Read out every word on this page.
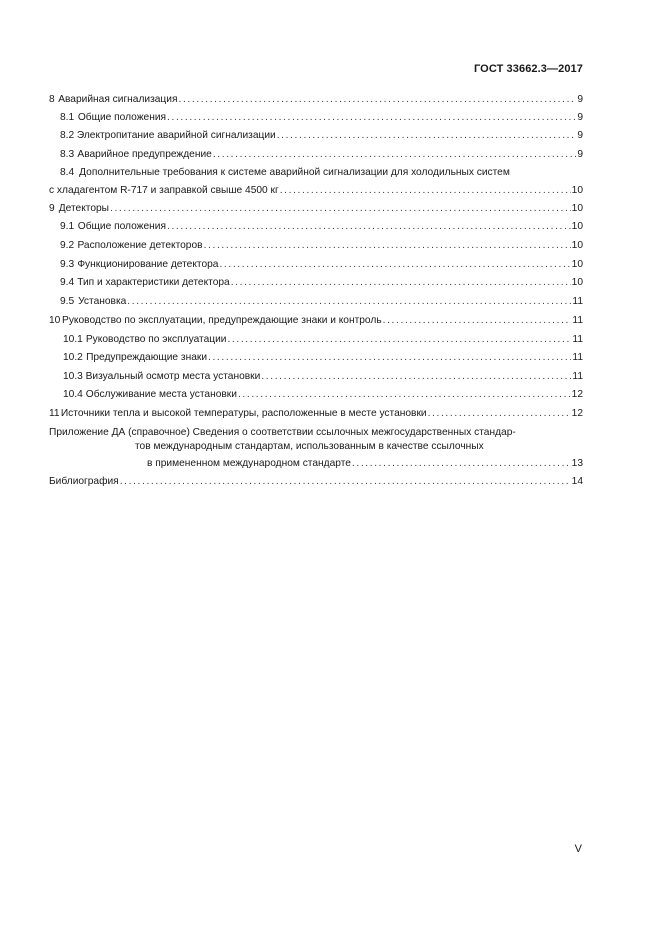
ГОСТ 33662.3—2017
8 Аварийная сигнализация . . .	9
8.1 Общие положения . . .	9
8.2 Электропитание аварийной сигнализации . . .	9
8.3 Аварийное предупреждение . . .	9
8.4 Дополнительные требования к системе аварийной сигнализации для холодильных систем
с хладагентом R-717 и заправкой свыше 4500 кг . . .	10
9 Детекторы . . .	10
9.1 Общие положения . . .	10
9.2 Расположение детекторов . . .	10
9.3 Функционирование детектора . . .	10
9.4 Тип и характеристики детектора . . .	10
9.5 Установка . . .	11
10 Руководство по эксплуатации, предупреждающие знаки и контроль . . .	11
10.1 Руководство по эксплуатации . . .	11
10.2 Предупреждающие знаки . . .	11
10.3 Визуальный осмотр места установки . . .	11
10.4 Обслуживание места установки . . .	12
11 Источники тепла и высокой температуры, расположенные в месте установки . . .	12
Приложение ДА (справочное) Сведения о соответствии ссылочных межгосударственных стандар-
тов международным стандартам, использованным в качестве ссылочных
в примененном международном стандарте . . .	13
Библиография . . .	14
V
